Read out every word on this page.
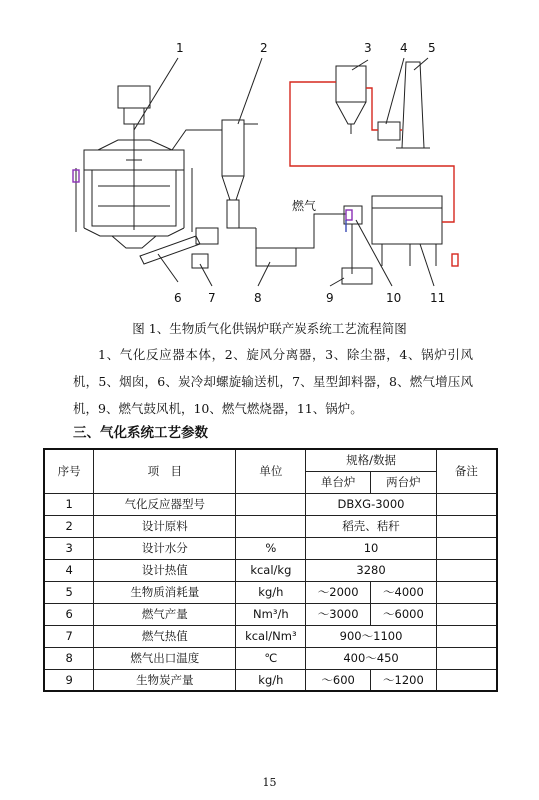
燃气
1	2	3 4 5
6 7	8	9	10 11
图 1、生物质气化供锅炉联产炭系统工艺流程简图
1、气化反应器本体，2、旋风分离器，3、除尘器，4、锅炉引风机，5、烟囱，6、炭冷却螺旋输送机，7、星型卸料器，8、燃气增压风机，9、燃气鼓风机，10、燃气燃烧器，11、锅炉。
三、气化系统工艺参数
序号	项　目	单位	规格/数据		备注
			单台炉	两台炉	
1	气化反应器型号		DBXG-3000		
2	设计原料		稻壳、秸秆		
3	设计水分	%	10		
4	设计热值	kcal/kg	3280		
5	生物质消耗量	kg/h	～2000	～4000	
6	燃气产量	Nm³/h	～3000	～6000	
7	燃气热值	kcal/Nm³	900～1100		
8	燃气出口温度	℃	400～450		
9	生物炭产量	kg/h	～600	～1200	
15
